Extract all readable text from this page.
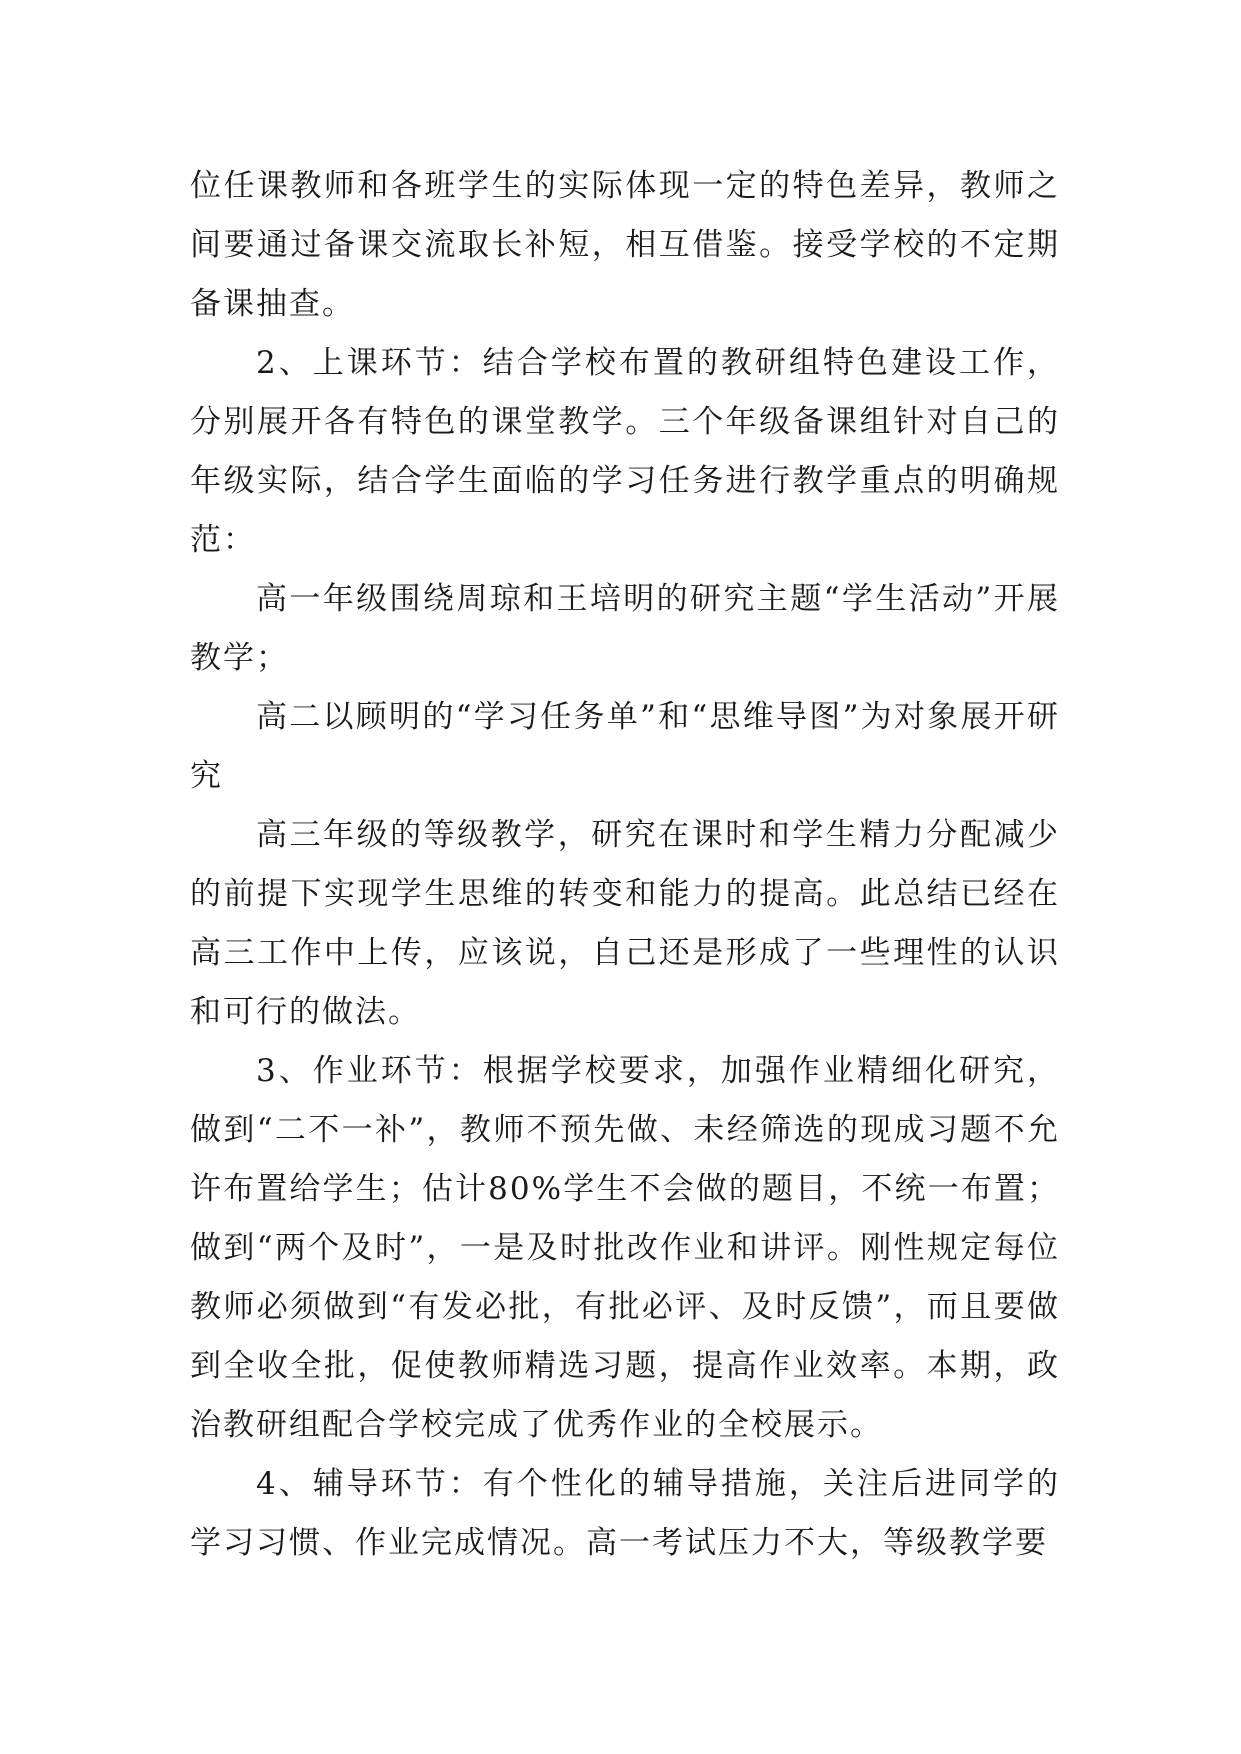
位任课教师和各班学生的实际体现一定的特色差异，教师之间要通过备课交流取长补短，相互借鉴。接受学校的不定期备课抽查。

2、上课环节：结合学校布置的教研组特色建设工作，分别展开各有特色的课堂教学。三个年级备课组针对自己的年级实际，结合学生面临的学习任务进行教学重点的明确规范：

高一年级围绕周琼和王培明的研究主题“学生活动”开展教学；

高二以顾明的“学习任务单”和“思维导图”为对象展开研究

高三年级的等级教学，研究在课时和学生精力分配减少的前提下实现学生思维的转变和能力的提高。此总结已经在高三工作中上传，应该说，自己还是形成了一些理性的认识和可行的做法。

3、作业环节：根据学校要求，加强作业精细化研究，做到“二不一补”，教师不预先做、未经筛选的现成习题不允许布置给学生；估计80%学生不会做的题目，不统一布置；做到“两个及时”，一是及时批改作业和讲评。刚性规定每位教师必须做到“有发必批，有批必评、及时反馈”，而且要做到全收全批，促使教师精选习题，提高作业效率。本期，政治教研组配合学校完成了优秀作业的全校展示。

4、辅导环节：有个性化的辅导措施，关注后进同学的学习习惯、作业完成情况。高一考试压力不大，等级教学要
